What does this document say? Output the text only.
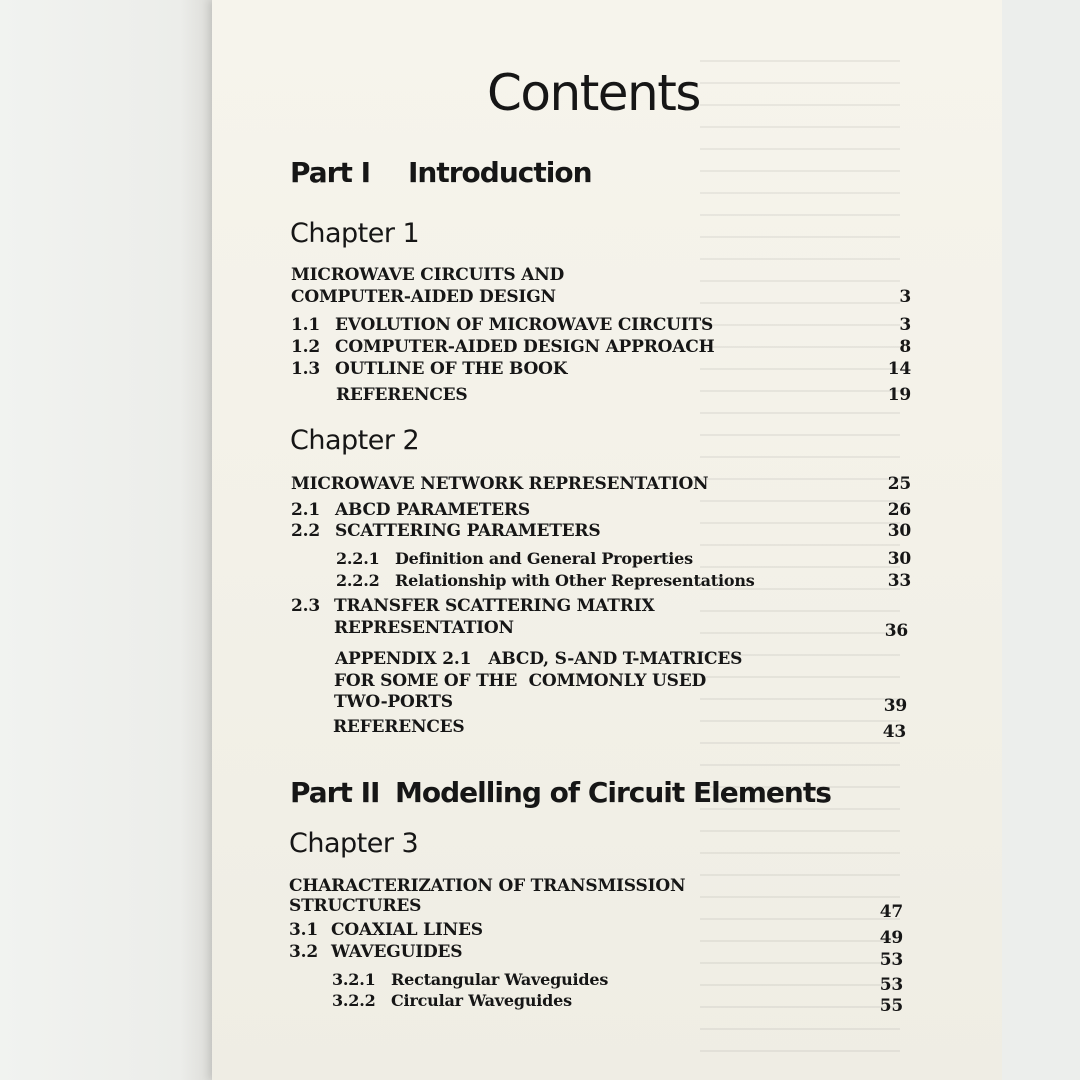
Contents
Part I Introduction
Chapter 1
MICROWAVE CIRCUITS AND
COMPUTER-AIDED DESIGN	3
1.1 EVOLUTION OF MICROWAVE CIRCUITS	3
1.2 COMPUTER-AIDED DESIGN APPROACH	8
1.3 OUTLINE OF THE BOOK	14
REFERENCES	19
Chapter 2
MICROWAVE NETWORK REPRESENTATION	25
2.1 ABCD PARAMETERS	26
2.2 SCATTERING PARAMETERS	30
2.2.1 Definition and General Properties	30
2.2.2 Relationship with Other Representations	33
2.3 TRANSFER SCATTERING MATRIX
REPRESENTATION	36
APPENDIX 2.1   ABCD, S-AND T-MATRICES
FOR SOME OF THE  COMMONLY USED
TWO-PORTS	39
REFERENCES	43
Part II Modelling of Circuit Elements
Chapter 3
CHARACTERIZATION OF TRANSMISSION
STRUCTURES	47
3.1 COAXIAL LINES	49
3.2 WAVEGUIDES	53
3.2.1 Rectangular Waveguides	53
3.2.2 Circular Waveguides	55
